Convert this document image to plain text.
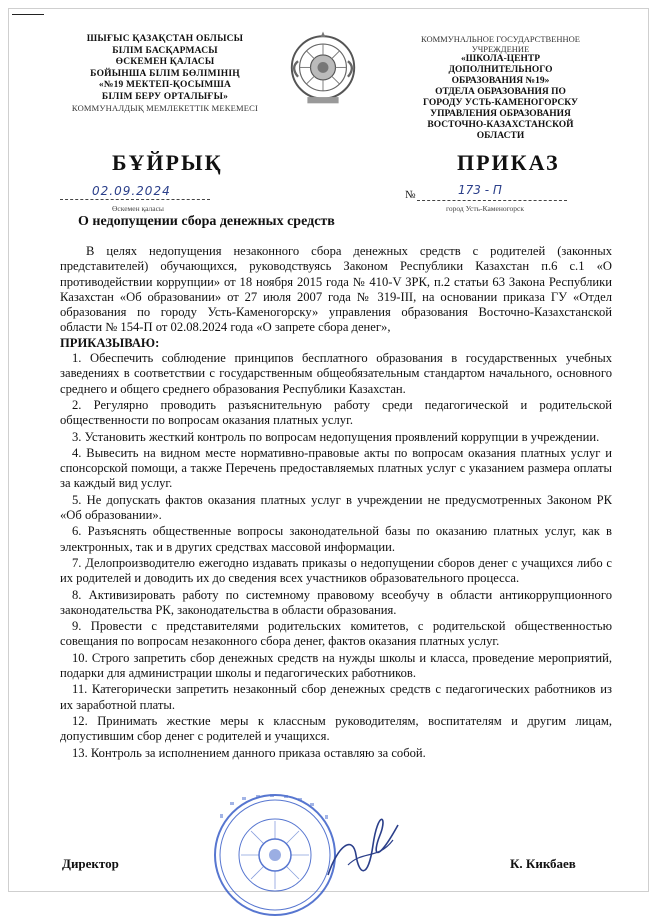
ШЫҒЫС ҚАЗАҚСТАН ОБЛЫСЫ
БІЛІМ БАСҚАРМАСЫ
ӨСКЕМЕН ҚАЛАСЫ
БОЙЫНША БІЛІМ БӨЛІМІНІҢ
«№19 МЕКТЕП-ҚОСЫМША
БІЛІМ БЕРУ ОРТАЛЫҒЫ»
КОММУНАЛДЫҚ МЕМЛЕКЕТТІК МЕКЕМЕСІ
КОММУНАЛЬНОЕ ГОСУДАРСТВЕННОЕ УЧРЕЖДЕНИЕ
«ШКОЛА-ЦЕНТР
ДОПОЛНИТЕЛЬНОГО
ОБРАЗОВАНИЯ №19»
ОТДЕЛА ОБРАЗОВАНИЯ ПО
ГОРОДУ УСТЬ-КАМЕНОГОРСКУ
УПРАВЛЕНИЯ ОБРАЗОВАНИЯ
ВОСТОЧНО-КАЗАХСТАНСКОЙ
ОБЛАСТИ
БҰЙРЫҚ	ПРИКАЗ
02.09.2024
Өскемен қаласы
№	173 - П
город Усть-Каменогорск
О недопущении сбора денежных средств

В целях недопущения незаконного сбора денежных средств с родителей (законных представителей) обучающихся, руководствуясь Законом Республики Казахстан п.6 с.1 «О противодействии коррупции» от 18 ноября 2015 года № 410-V ЗРК, п.2 статьи 63 Закона Республики Казахстан «Об образовании» от 27 июля 2007 года № 319-III, на основании приказа ГУ «Отдел образования по городу Усть-Каменогорску» управления образования Восточно-Казахстанской области № 154-П от 02.08.2024 года «О запрете сбора денег»,

ПРИКАЗЫВАЮ:

1. Обеспечить соблюдение принципов бесплатного образования в государственных учебных заведениях в соответствии с государственным общеобязательным стандартом начального, основного среднего и общего среднего образования Республики Казахстан.
2. Регулярно проводить разъяснительную работу среди педагогической и родительской общественности по вопросам оказания платных услуг.
3. Установить жесткий контроль по вопросам недопущения проявлений коррупции в учреждении.
4. Вывесить на видном месте нормативно-правовые акты по вопросам оказания платных услуг и спонсорской помощи, а также Перечень предоставляемых платных услуг с указанием размера оплаты за каждый вид услуг.
5. Не допускать фактов оказания платных услуг в учреждении не предусмотренных Законом РК «Об образовании».
6. Разъяснять общественные вопросы законодательной базы по оказанию платных услуг, как в электронных, так и в других средствах массовой информации.
7. Делопроизводителю ежегодно издавать приказы о недопущении сборов денег с учащихся либо с их родителей и доводить их до сведения всех участников образовательного процесса.
8. Активизировать работу по системному правовому всеобучу в области антикоррупционного законодательства РК, законодательства в области образования.
9. Провести с представителями родительских комитетов, с родительской общественностью совещания по вопросам незаконного сбора денег, фактов оказания платных услуг.
10. Строго запретить сбор денежных средств на нужды школы и класса, проведение мероприятий, подарки для администрации школы и педагогических работников.
11. Категорически запретить незаконный сбор денежных средств с педагогических работников из их заработной платы.
12. Принимать жесткие меры к классным руководителям, воспитателям и другим лицам, допустившим сбор денег с родителей и учащихся.
13. Контроль за исполнением данного приказа оставляю за собой.
Директор	К. Кикбаев
